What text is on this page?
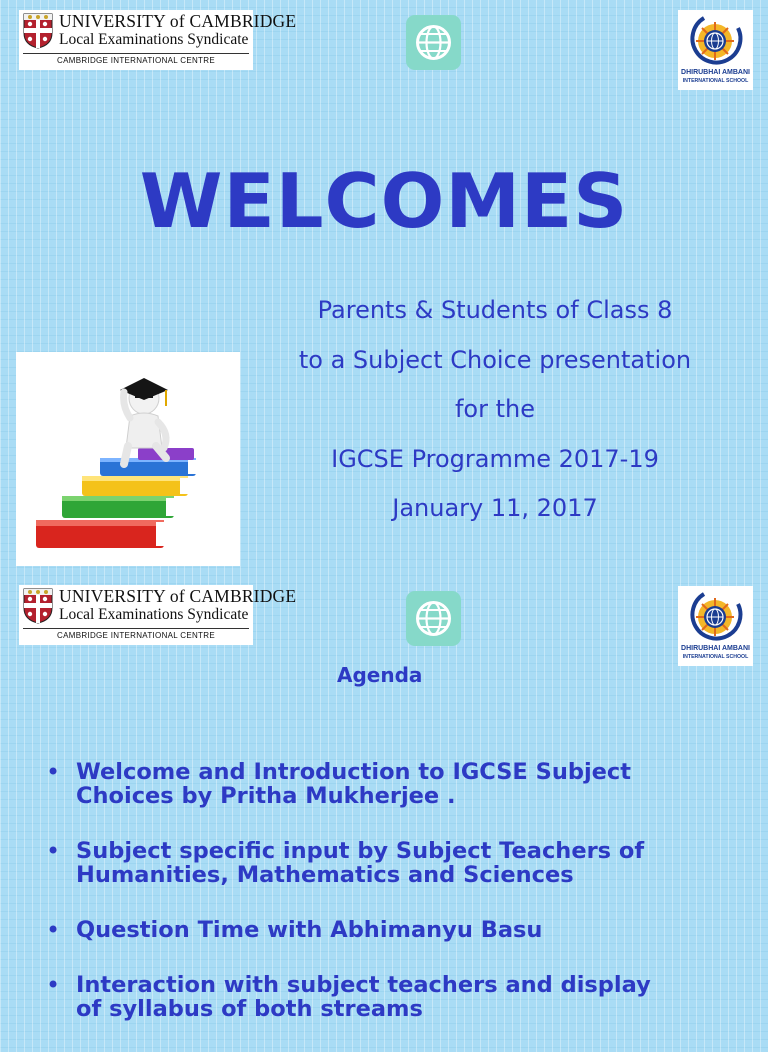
UNIVERSITY of CAMBRIDGE
Local Examinations Syndicate
CAMBRIDGE INTERNATIONAL CENTRE
DHIRUBHAI AMBANI
INTERNATIONAL SCHOOL
WELCOMES
Parents & Students of Class 8
to a Subject Choice presentation
for the
IGCSE Programme 2017-19
January 11, 2017
UNIVERSITY of CAMBRIDGE
Local Examinations Syndicate
CAMBRIDGE INTERNATIONAL CENTRE
DHIRUBHAI AMBANI
INTERNATIONAL SCHOOL
Agenda
• Welcome and Introduction to IGCSE Subject
Choices by Pritha Mukherjee .
• Subject specific input by Subject Teachers of
Humanities, Mathematics and Sciences
• Question Time with Abhimanyu Basu
• Interaction with subject teachers and display
of syllabus of both streams
